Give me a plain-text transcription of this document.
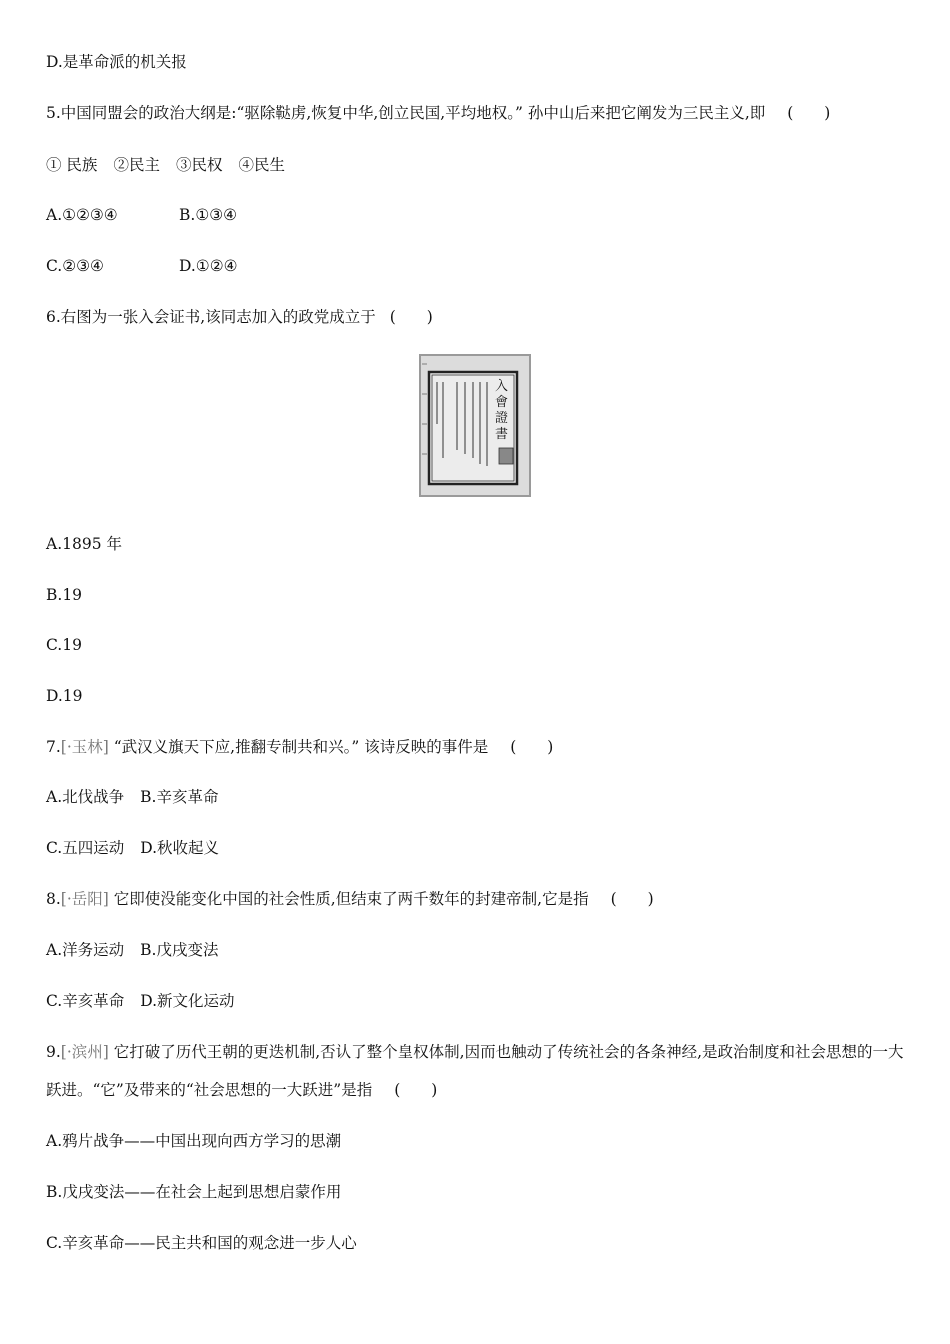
D.是革命派的机关报
5.中国同盟会的政治大纲是:“驱除鞑虏,恢复中华,创立民国,平均地权。” 孙中山后来把它阐发为三民主义,即 (　　)
① 民族 ②民主 ③民权 ④民生
A.①②③④	B.①③④
C.②③④	D.①②④
6.右图为一张入会证书,该同志加入的政党成立于 (　　)
入
會
證
書
A.1895 年
B.19
C.19
D.19
7.[·玉林] “武汉义旗天下应,推翻专制共和兴。” 该诗反映的事件是 (　　)
A.北伐战争 B.辛亥革命
C.五四运动 D.秋收起义
8.[·岳阳] 它即使没能变化中国的社会性质,但结束了两千数年的封建帝制,它是指 (　　)
A.洋务运动 B.戊戌变法
C.辛亥革命 D.新文化运动
9.[·滨州] 它打破了历代王朝的更迭机制,否认了整个皇权体制,因而也触动了传统社会的各条神经,是政治制度和社会思想的一大跃进。“它”及带来的“社会思想的一大跃进”是指 (　　)
A.鸦片战争——中国出现向西方学习的思潮
B.戊戌变法——在社会上起到思想启蒙作用
C.辛亥革命——民主共和国的观念进一步人心
